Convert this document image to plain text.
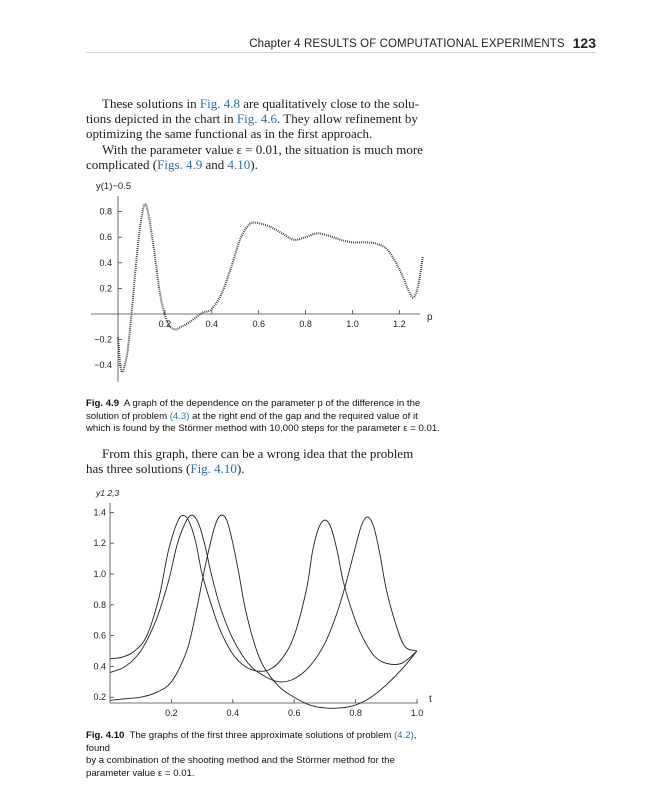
Chapter 4 RESULTS OF COMPUTATIONAL EXPERIMENTS 123

These solutions in Fig. 4.8 are qualitatively close to the solu-

tions depicted in the chart in Fig. 4.6. They allow refinement by

optimizing the same functional as in the first approach.

With the parameter value ε = 0.01, the situation is much more

complicated (Figs. 4.9 and 4.10).

y(1)−0.5
p
0.2	0.4	0.6	0.8	1.0	1.2
−0.4
−0.2
0.2
0.4
0.6
0.8
Fig. 4.9 A graph of the dependence on the parameter p of the difference in the
solution of problem (4.3) at the right end of the gap and the required value of it
which is found by the Störmer method with 10,000 steps for the parameter ε = 0.01.

From this graph, there can be a wrong idea that the problem

has three solutions (Fig. 4.10).

y1 2,3
t
0.2	0.4	0.6	0.8	1.0
0.2
0.4
0.6
0.8
1.0
1.2
1.4
Fig. 4.10 The graphs of the first three approximate solutions of problem (4.2), found
by a combination of the shooting method and the Störmer method for the
parameter value ε = 0.01.
